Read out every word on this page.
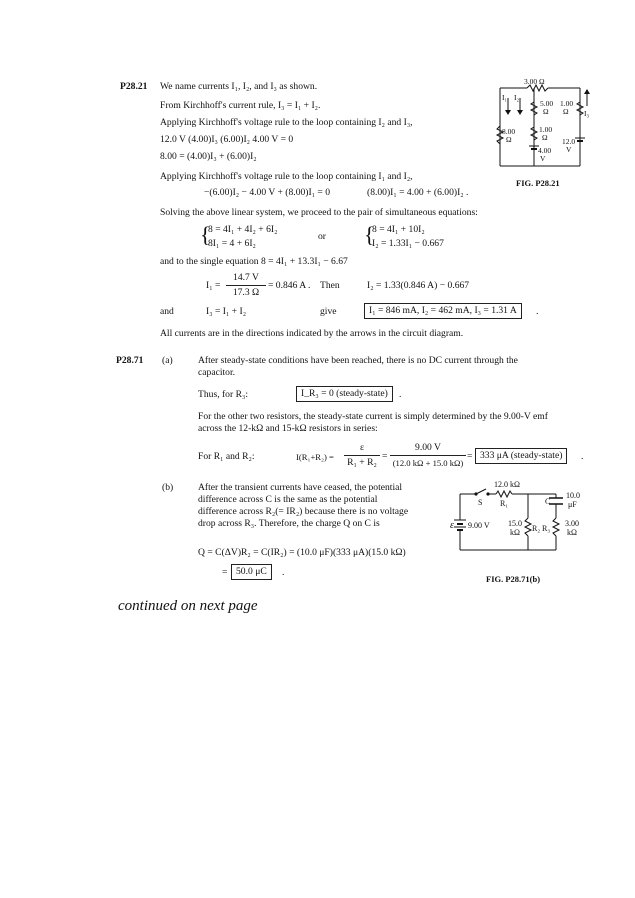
P28.21 We name currents I₁, I₂, and I₃ as shown.
From Kirchhoff's current rule, I₃ = I₁ + I₂.
Applying Kirchhoff's voltage rule to the loop containing I₂ and I₃,
12.0 V (4.00)I₃ (6.00)I₂ 4.00 V = 0
8.00 = (4.00)I₃ + (6.00)I₂
Applying Kirchhoff's voltage rule to the loop containing I₁ and I₂,
−(6.00)I₂ − 4.00 V + (8.00)I₁ = 0	(8.00)I₁ = 4.00 + (6.00)I₂ .
Solving the above linear system, we proceed to the pair of simultaneous equations:
{
8 = 4I₁ + 4I₂ + 6I₂
8I₁ = 4 + 6I₂
or {
8 = 4I₁ + 10I₂
I₂ = 1.33I₁ − 0.667
and to the single equation 8 = 4I₁ + 13.3I₁ − 6.67
I₁ =
14.7 V
17.3 Ω
= 0.846 A . Then	I₂ = 1.33(0.846 A) − 0.667
and	I₃ = I₁ + I₂	give	I₁ = 846 mA, I₂ = 462 mA, I₃ = 1.31 A	.
All currents are in the directions indicated by the arrows in the circuit diagram.
3.00 Ω
I₁ I₂
5.00
Ω
1.00
Ω I₃
8.00
Ω
1.00
Ω
4.00
V
12.0
V
FIG. P28.21
P28.71 (a)	After steady-state conditions have been reached, there is no DC current through the
capacitor.
Thus, for R₃:	I_R₃ = 0 (steady-state)	.
For the other two resistors, the steady-state current is simply determined by the 9.00-V emf
across the 12-kΩ and 15-kΩ resistors in series:
For R₁ and R₂:	I(R₁+R₂) =
ε
R₁ + R₂
=
9.00 V
(12.0 kΩ + 15.0 kΩ)
= 333 μA (steady-state)	.
(b)	After the transient currents have ceased, the potential
difference across C is the same as the potential
difference across R₂(= IR₂) because there is no voltage
drop across R₃. Therefore, the charge Q on C is
Q = C(ΔV)R₂ = C(IR₂) = (10.0 μF)(333 μA)(15.0 kΩ)
= 50.0 μC	.
12.0 kΩ
S R₁	C
10.0
μF
ε 9.00 V 15.0
kΩ R₂ R₃
3.00
kΩ
FIG. P28.71(b)
continued on next page
